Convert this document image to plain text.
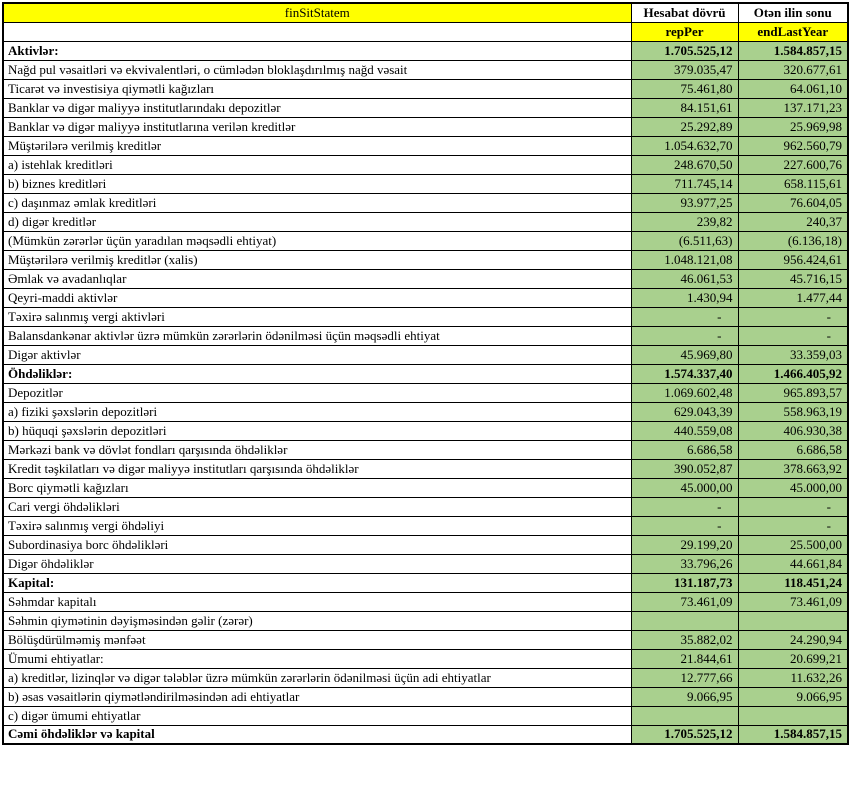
finSitStatem	Hesabat dövrü	Otən ilin sonu
	repPer	endLastYear
Aktivlər:	1.705.525,12	1.584.857,15
Nağd pul vəsaitləri və ekvivalentləri, o cümlədən bloklaşdırılmış nağd vəsait	379.035,47	320.677,61
Ticarət və investisiya qiymətli kağızları	75.461,80	64.061,10
Banklar və digər maliyyə institutlarındakı depozitlər	84.151,61	137.171,23
Banklar və digər maliyyə institutlarına verilən kreditlər	25.292,89	25.969,98
Müştərilərə verilmiş kreditlər	1.054.632,70	962.560,79
a) istehlak kreditləri	248.670,50	227.600,76
b) biznes kreditləri	711.745,14	658.115,61
c) daşınmaz əmlak kreditləri	93.977,25	76.604,05
d) digər kreditlər	239,82	240,37
(Mümkün zərərlər üçün yaradılan məqsədli ehtiyat)	(6.511,63)	(6.136,18)
Müştərilərə verilmiş kreditlər (xalis)	1.048.121,08	956.424,61
Əmlak və avadanlıqlar	46.061,53	45.716,15
Qeyri-maddi aktivlər	1.430,94	1.477,44
Təxirə salınmış vergi aktivləri	-	-
Balansdankənar aktivlər üzrə mümkün zərərlərin ödənilməsi üçün məqsədli ehtiyat	-	-
Digər aktivlər	45.969,80	33.359,03
Öhdəliklər:	1.574.337,40	1.466.405,92
Depozitlər	1.069.602,48	965.893,57
a) fiziki şəxslərin depozitləri	629.043,39	558.963,19
b) hüquqi şəxslərin depozitləri	440.559,08	406.930,38
Mərkəzi bank və dövlət fondları qarşısında öhdəliklər	6.686,58	6.686,58
Kredit təşkilatları və digər maliyyə institutları qarşısında öhdəliklər	390.052,87	378.663,92
Borc qiymətli kağızları	45.000,00	45.000,00
Cari vergi öhdəlikləri	-	-
Təxirə salınmış vergi öhdəliyi	-	-
Subordinasiya borc öhdəlikləri	29.199,20	25.500,00
Digər öhdəliklər	33.796,26	44.661,84
Kapital:	131.187,73	118.451,24
Səhmdar kapitalı	73.461,09	73.461,09
Səhmin qiymətinin dəyişməsindən gəlir (zərər)		
Bölüşdürülməmiş mənfəət	35.882,02	24.290,94
Ümumi ehtiyatlar:	21.844,61	20.699,21
a) kreditlər, lizinqlər və digər tələblər üzrə mümkün zərərlərin ödənilməsi üçün adi ehtiyatlar	12.777,66	11.632,26
b) əsas vəsaitlərin qiymətləndirilməsindən adi ehtiyatlar	9.066,95	9.066,95
c) digər ümumi ehtiyatlar		
Cəmi öhdəliklər və kapital	1.705.525,12	1.584.857,15
